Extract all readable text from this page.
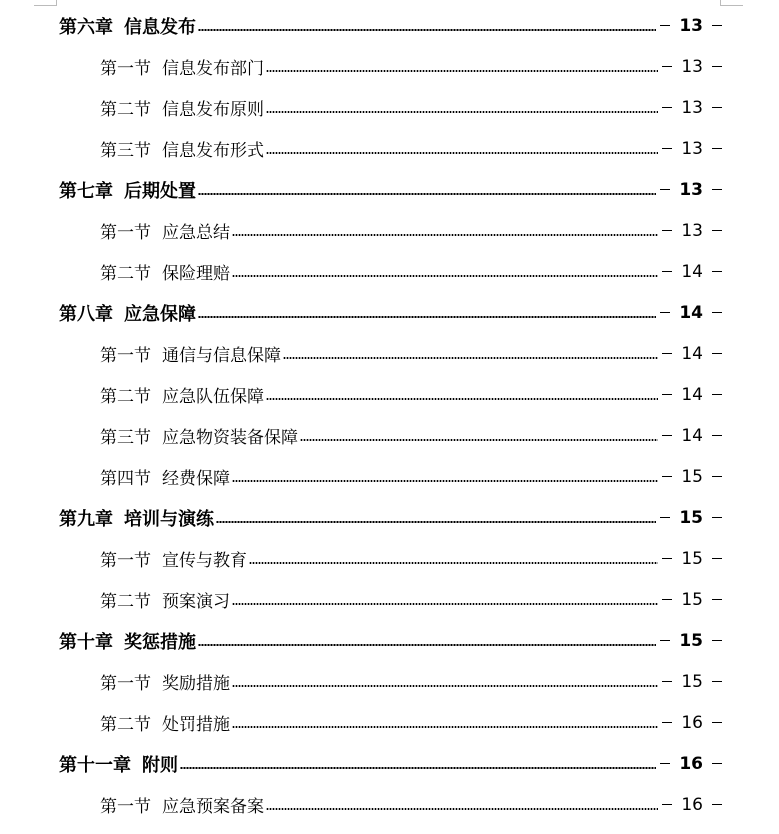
第六章 信息发布	13
第一节 信息发布部门	13
第二节 信息发布原则	13
第三节 信息发布形式	13
第七章 后期处置	13
第一节 应急总结	13
第二节 保险理赔	14
第八章 应急保障	14
第一节 通信与信息保障	14
第二节 应急队伍保障	14
第三节 应急物资装备保障	14
第四节 经费保障	15
第九章 培训与演练	15
第一节 宣传与教育	15
第二节 预案演习	15
第十章 奖惩措施	15
第一节 奖励措施	15
第二节 处罚措施	16
第十一章 附则	16
第一节 应急预案备案	16
